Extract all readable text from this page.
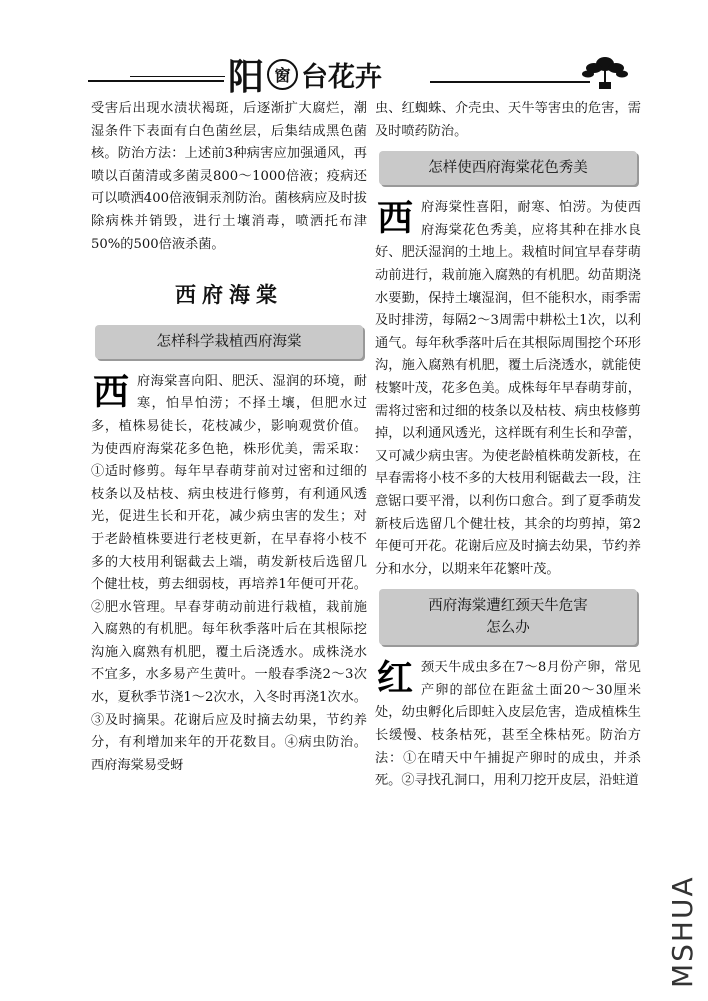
阳 窗 台花卉

受害后出现水渍状褐斑，后逐渐扩大腐烂，潮湿条件下表面有白色菌丝层，后集结成黑色菌核。防治方法：上述前3种病害应加强通风，再喷以百菌清或多菌灵800～1000倍液；疫病还可以喷洒400倍液铜汞剂防治。菌核病应及时拔除病株并销毁，进行土壤消毒，喷洒托布津50%的500倍液杀菌。

西府海棠
怎样科学栽植西府海棠
西 府海棠喜向阳、肥沃、湿润的环境，耐寒，怕旱怕涝；不择土壤，但肥水过多，植株易徒长，花枝减少，影响观赏价值。为使西府海棠花多色艳，株形优美，需采取：①适时修剪。每年早春萌芽前对过密和过细的枝条以及枯枝、病虫枝进行修剪，有利通风透光，促进生长和开花，减少病虫害的发生；对于老龄植株要进行老枝更新，在早春将小枝不多的大枝用利锯截去上端，萌发新枝后选留几个健壮枝，剪去细弱枝，再培养1年便可开花。②肥水管理。早春芽萌动前进行栽植，栽前施入腐熟的有机肥。每年秋季落叶后在其根际挖沟施入腐熟有机肥，覆土后浇透水。成株浇水不宜多，水多易产生黄叶。一般春季浇2～3次水，夏秋季节浇1～2次水，入冬时再浇1次水。③及时摘果。花谢后应及时摘去幼果，节约养分，有利增加来年的开花数目。④病虫防治。西府海棠易受蚜

虫、红蜘蛛、介壳虫、天牛等害虫的危害，需及时喷药防治。

怎样使西府海棠花色秀美
西 府海棠性喜阳，耐寒、怕涝。为使西府海棠花色秀美，应将其种在排水良好、肥沃湿润的土地上。栽植时间宜早春芽萌动前进行，栽前施入腐熟的有机肥。幼苗期浇水要勤，保持土壤湿润，但不能积水，雨季需及时排涝，每隔2～3周需中耕松土1次，以利通气。每年秋季落叶后在其根际周围挖个环形沟，施入腐熟有机肥，覆土后浇透水，就能使枝繁叶茂，花多色美。成株每年早春萌芽前，需将过密和过细的枝条以及枯枝、病虫枝修剪掉，以利通风透光，这样既有利生长和孕蕾，又可减少病虫害。为使老龄植株萌发新枝，在早春需将小枝不多的大枝用利锯截去一段，注意锯口要平滑，以利伤口愈合。到了夏季萌发新枝后选留几个健壮枝，其余的均剪掉，第2年便可开花。花谢后应及时摘去幼果，节约养分和水分，以期来年花繁叶茂。

西府海棠遭红颈天牛危害
怎么办
红 颈天牛成虫多在7～8月份产卵，常见产卵的部位在距盆土面20～30厘米处，幼虫孵化后即蛀入皮层危害，造成植株生长缓慢、枝条枯死，甚至全株枯死。防治方法：①在晴天中午捕捉产卵时的成虫，并杀死。②寻找孔洞口，用利刀挖开皮层，沿蛀道

MSHUA
